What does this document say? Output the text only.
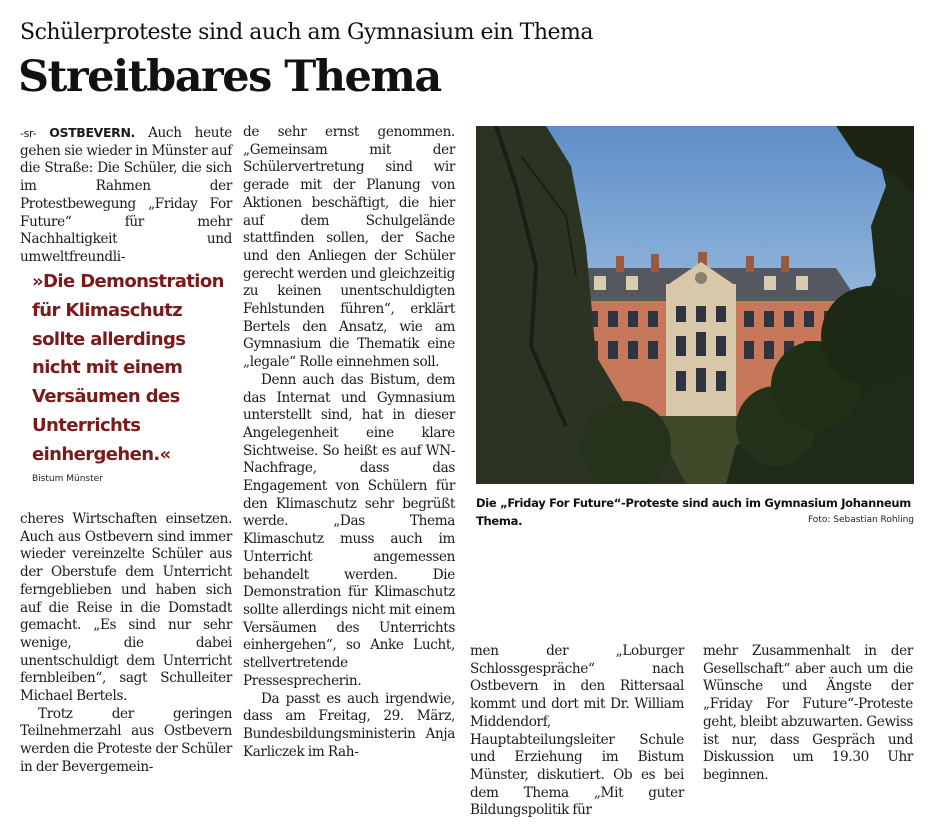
Schülerproteste sind auch am Gymnasium ein Thema
Streitbares Thema

-sr- OSTBEVERN. Auch heute gehen sie wieder in Münster auf die Straße: Die Schüler, die sich im Rahmen der Protestbewegung „Friday For Future“ für mehr Nachhaltigkeit und umweltfreundli-

»Die Demonstration für Klimaschutz sollte allerdings nicht mit einem Versäumen des Unterrichts einhergehen.«
Bistum Münster

cheres Wirtschaften einsetzen. Auch aus Ostbevern sind immer wieder vereinzelte Schüler aus der Oberstufe dem Unterricht ferngeblieben und haben sich auf die Reise in die Domstadt gemacht. „Es sind nur sehr wenige, die dabei unentschuldigt dem Unterricht fernbleiben“, sagt Schulleiter Michael Bertels.

Trotz der geringen Teilnehmerzahl aus Ostbevern werden die Proteste der Schüler in der Bevergemein-

de sehr ernst genommen. „Gemeinsam mit der Schülervertretung sind wir gerade mit der Planung von Aktionen beschäftigt, die hier auf dem Schulgelände stattfinden sollen, der Sache und den Anliegen der Schüler gerecht werden und gleichzeitig zu keinen unentschuldigten Fehlstunden führen“, erklärt Bertels den Ansatz, wie am Gymnasium die Thematik eine „legale“ Rolle einnehmen soll.

Denn auch das Bistum, dem das Internat und Gymnasium unterstellt sind, hat in dieser Angelegenheit eine klare Sichtweise. So heißt es auf WN-Nachfrage, dass das Engagement von Schülern für den Klimaschutz sehr begrüßt werde. „Das Thema Klimaschutz muss auch im Unterricht angemessen behandelt werden. Die Demonstration für Klimaschutz sollte allerdings nicht mit einem Versäumen des Unterrichts einhergehen“, so Anke Lucht, stellvertretende Pressesprecherin.

Da passt es auch irgendwie, dass am Freitag, 29. März, Bundesbildungsministerin Anja Karliczek im Rah-

Die „Friday For Future“-Proteste sind auch im Gymnasium Johanneum Thema.	Foto: Sebastian Rohling

men der „Loburger Schlossgespräche“ nach Ostbevern in den Rittersaal kommt und dort mit Dr. William Middendorf, Hauptabteilungsleiter Schule und Erziehung im Bistum Münster, diskutiert. Ob es bei dem Thema „Mit guter Bildungspolitik für

mehr Zusammenhalt in der Gesellschaft“ aber auch um die Wünsche und Ängste der „Friday For Future“-Proteste geht, bleibt abzuwarten. Gewiss ist nur, dass Gespräch und Diskussion um 19.30 Uhr beginnen.
